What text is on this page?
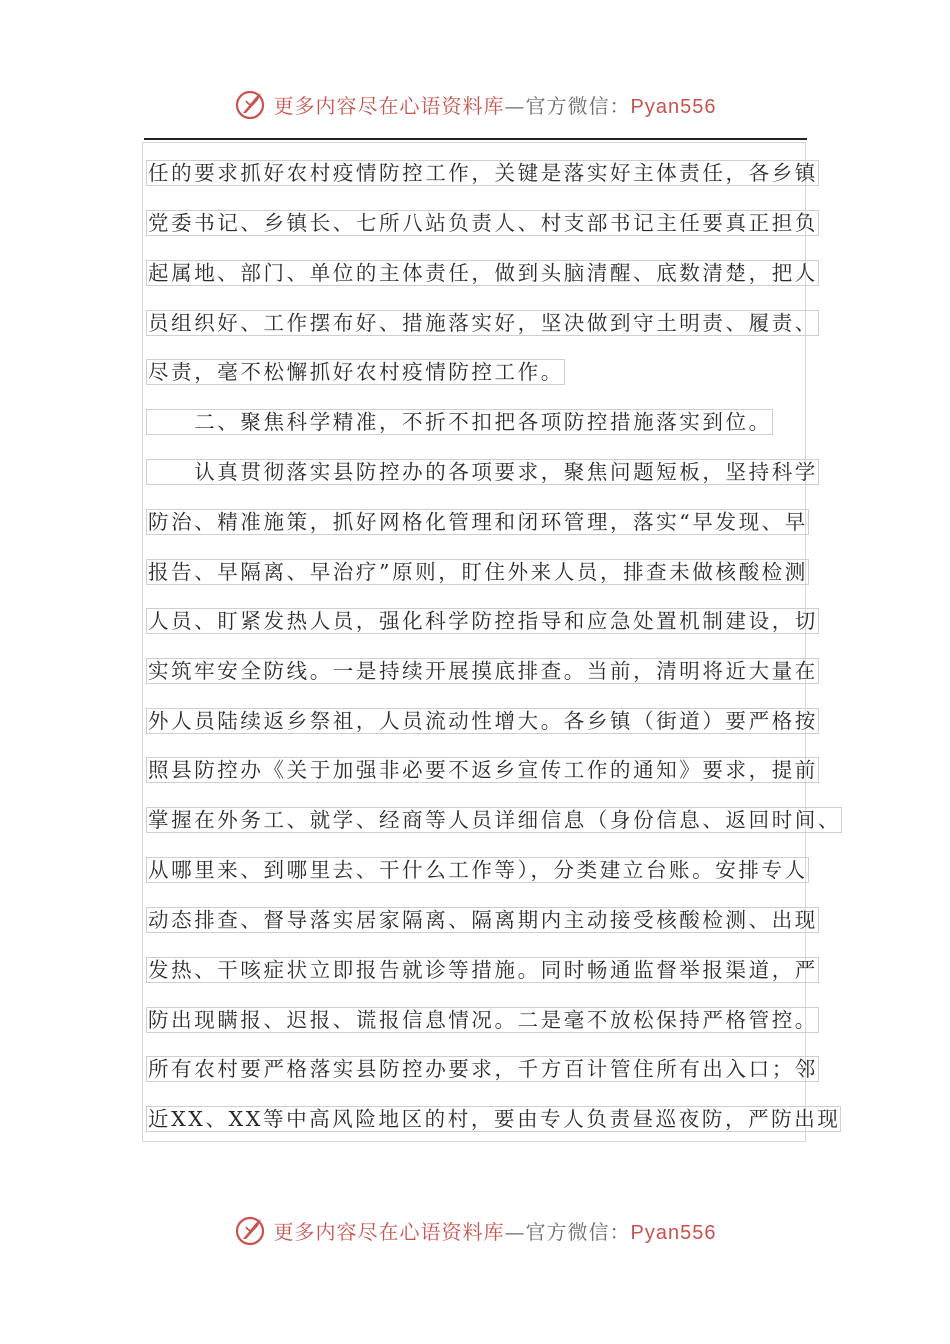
更多内容尽在心语资料库—官方微信：Pyan556
任的要求抓好农村疫情防控工作，关键是落实好主体责任，各乡镇
党委书记、乡镇长、七所八站负责人、村支部书记主任要真正担负
起属地、部门、单位的主体责任，做到头脑清醒、底数清楚，把人
员组织好、工作摆布好、措施落实好，坚决做到守土明责、履责、
尽责，毫不松懈抓好农村疫情防控工作。
　　二、聚焦科学精准，不折不扣把各项防控措施落实到位。
　　认真贯彻落实县防控办的各项要求，聚焦问题短板，坚持科学
防治、精准施策，抓好网格化管理和闭环管理，落实“早发现、早
报告、早隔离、早治疗”原则，盯住外来人员，排查未做核酸检测
人员、盯紧发热人员，强化科学防控指导和应急处置机制建设，切
实筑牢安全防线。一是持续开展摸底排查。当前，清明将近大量在
外人员陆续返乡祭祖，人员流动性增大。各乡镇（街道）要严格按
照县防控办《关于加强非必要不返乡宣传工作的通知》要求，提前
掌握在外务工、就学、经商等人员详细信息（身份信息、返回时间、
从哪里来、到哪里去、干什么工作等），分类建立台账。安排专人
动态排查、督导落实居家隔离、隔离期内主动接受核酸检测、出现
发热、干咳症状立即报告就诊等措施。同时畅通监督举报渠道，严
防出现瞒报、迟报、谎报信息情况。二是毫不放松保持严格管控。
所有农村要严格落实县防控办要求，千方百计管住所有出入口；邻
近XX、XX等中高风险地区的村，要由专人负责昼巡夜防，严防出现
更多内容尽在心语资料库—官方微信：Pyan556
